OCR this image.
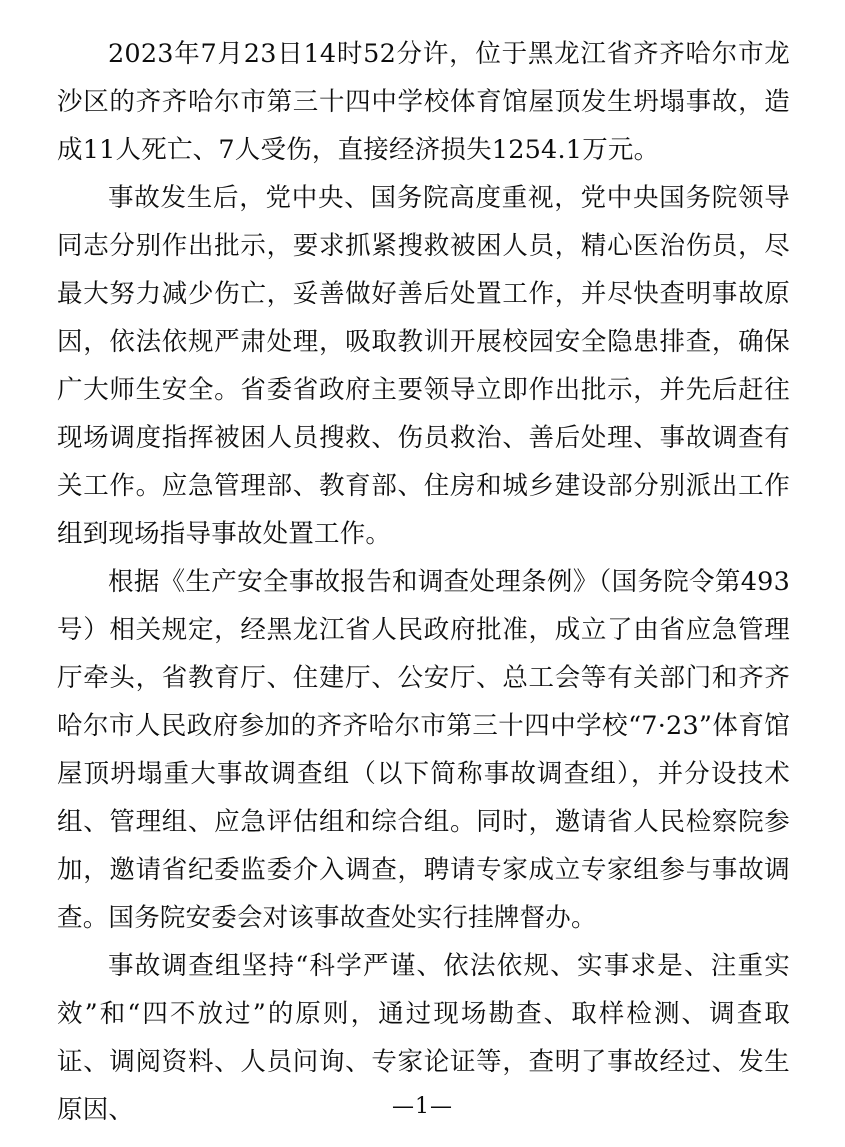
2023年7月23日14时52分许，位于黑龙江省齐齐哈尔市龙沙区的齐齐哈尔市第三十四中学校体育馆屋顶发生坍塌事故，造成11人死亡、7人受伤，直接经济损失1254.1万元。

事故发生后，党中央、国务院高度重视，党中央国务院领导同志分别作出批示，要求抓紧搜救被困人员，精心医治伤员，尽最大努力减少伤亡，妥善做好善后处置工作，并尽快查明事故原因，依法依规严肃处理，吸取教训开展校园安全隐患排查，确保广大师生安全。省委省政府主要领导立即作出批示，并先后赶往现场调度指挥被困人员搜救、伤员救治、善后处理、事故调查有关工作。应急管理部、教育部、住房和城乡建设部分别派出工作组到现场指导事故处置工作。

根据《生产安全事故报告和调查处理条例》（国务院令第493号）相关规定，经黑龙江省人民政府批准，成立了由省应急管理厅牵头，省教育厅、住建厅、公安厅、总工会等有关部门和齐齐哈尔市人民政府参加的齐齐哈尔市第三十四中学校“7·23”体育馆屋顶坍塌重大事故调查组（以下简称事故调查组），并分设技术组、管理组、应急评估组和综合组。同时，邀请省人民检察院参加，邀请省纪委监委介入调查，聘请专家成立专家组参与事故调查。国务院安委会对该事故查处实行挂牌督办。

事故调查组坚持“科学严谨、依法依规、实事求是、注重实效”和“四不放过”的原则，通过现场勘查、取样检测、调查取证、调阅资料、人员问询、专家论证等，查明了事故经过、发生原因、	—1—
